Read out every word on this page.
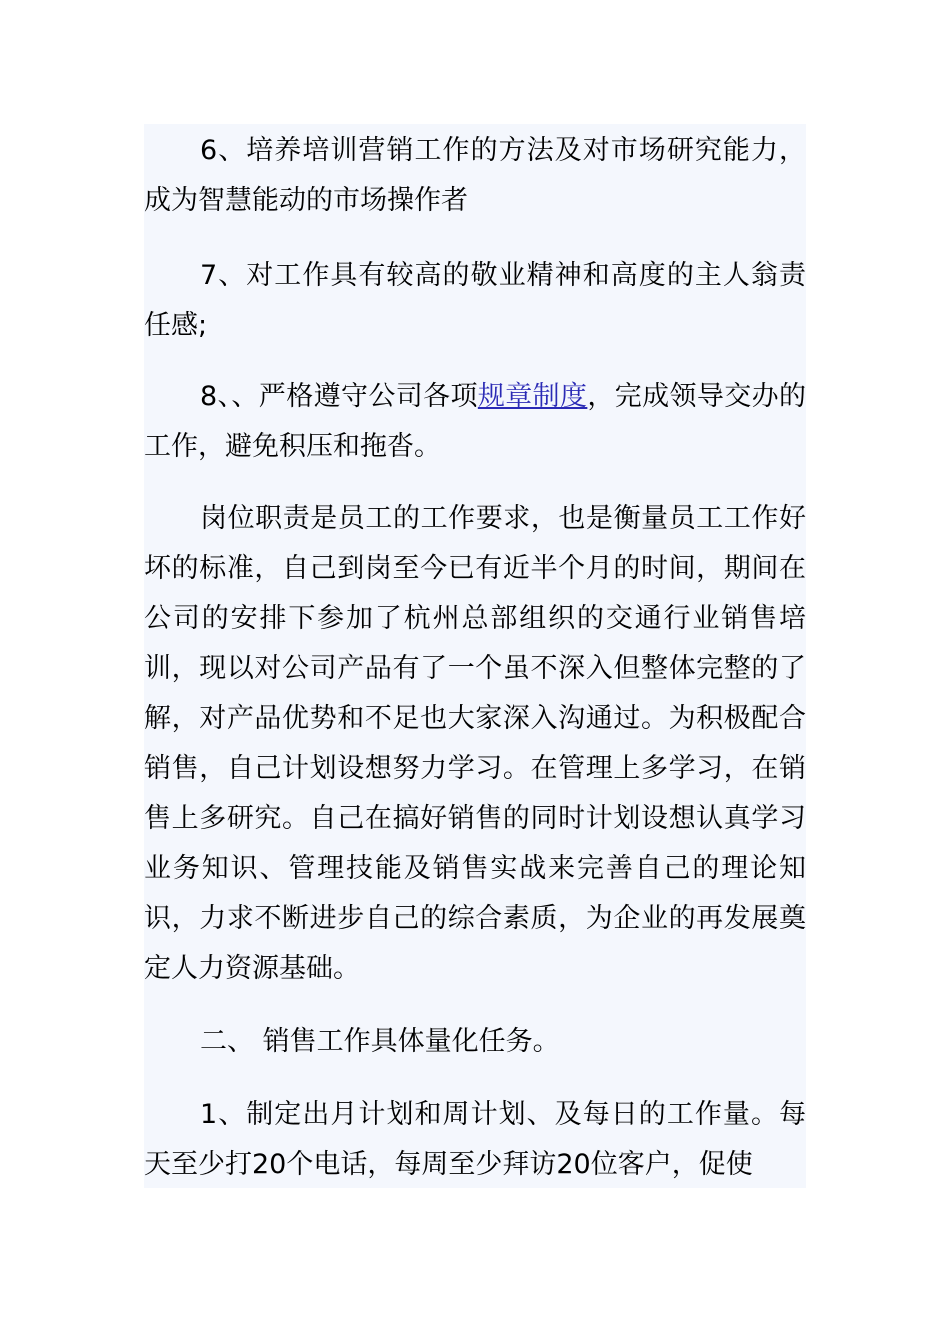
6、培养培训营销工作的方法及对市场研究能力，成为智慧能动的市场操作者

7、对工作具有较高的敬业精神和高度的主人翁责任感;

8、、严格遵守公司各项规章制度，完成领导交办的工作，避免积压和拖沓。

岗位职责是员工的工作要求，也是衡量员工工作好坏的标准，自己到岗至今已有近半个月的时间，期间在公司的安排下参加了杭州总部组织的交通行业销售培训，现以对公司产品有了一个虽不深入但整体完整的了解，对产品优势和不足也大家深入沟通过。为积极配合销售，自己计划设想努力学习。在管理上多学习，在销售上多研究。自己在搞好销售的同时计划设想认真学习业务知识、管理技能及销售实战来完善自己的理论知识，力求不断进步自己的综合素质，为企业的再发展奠定人力资源基础。

二、 销售工作具体量化任务。

1、制定出月计划和周计划、及每日的工作量。每天至少打20个电话，每周至少拜访20位客户，促使
